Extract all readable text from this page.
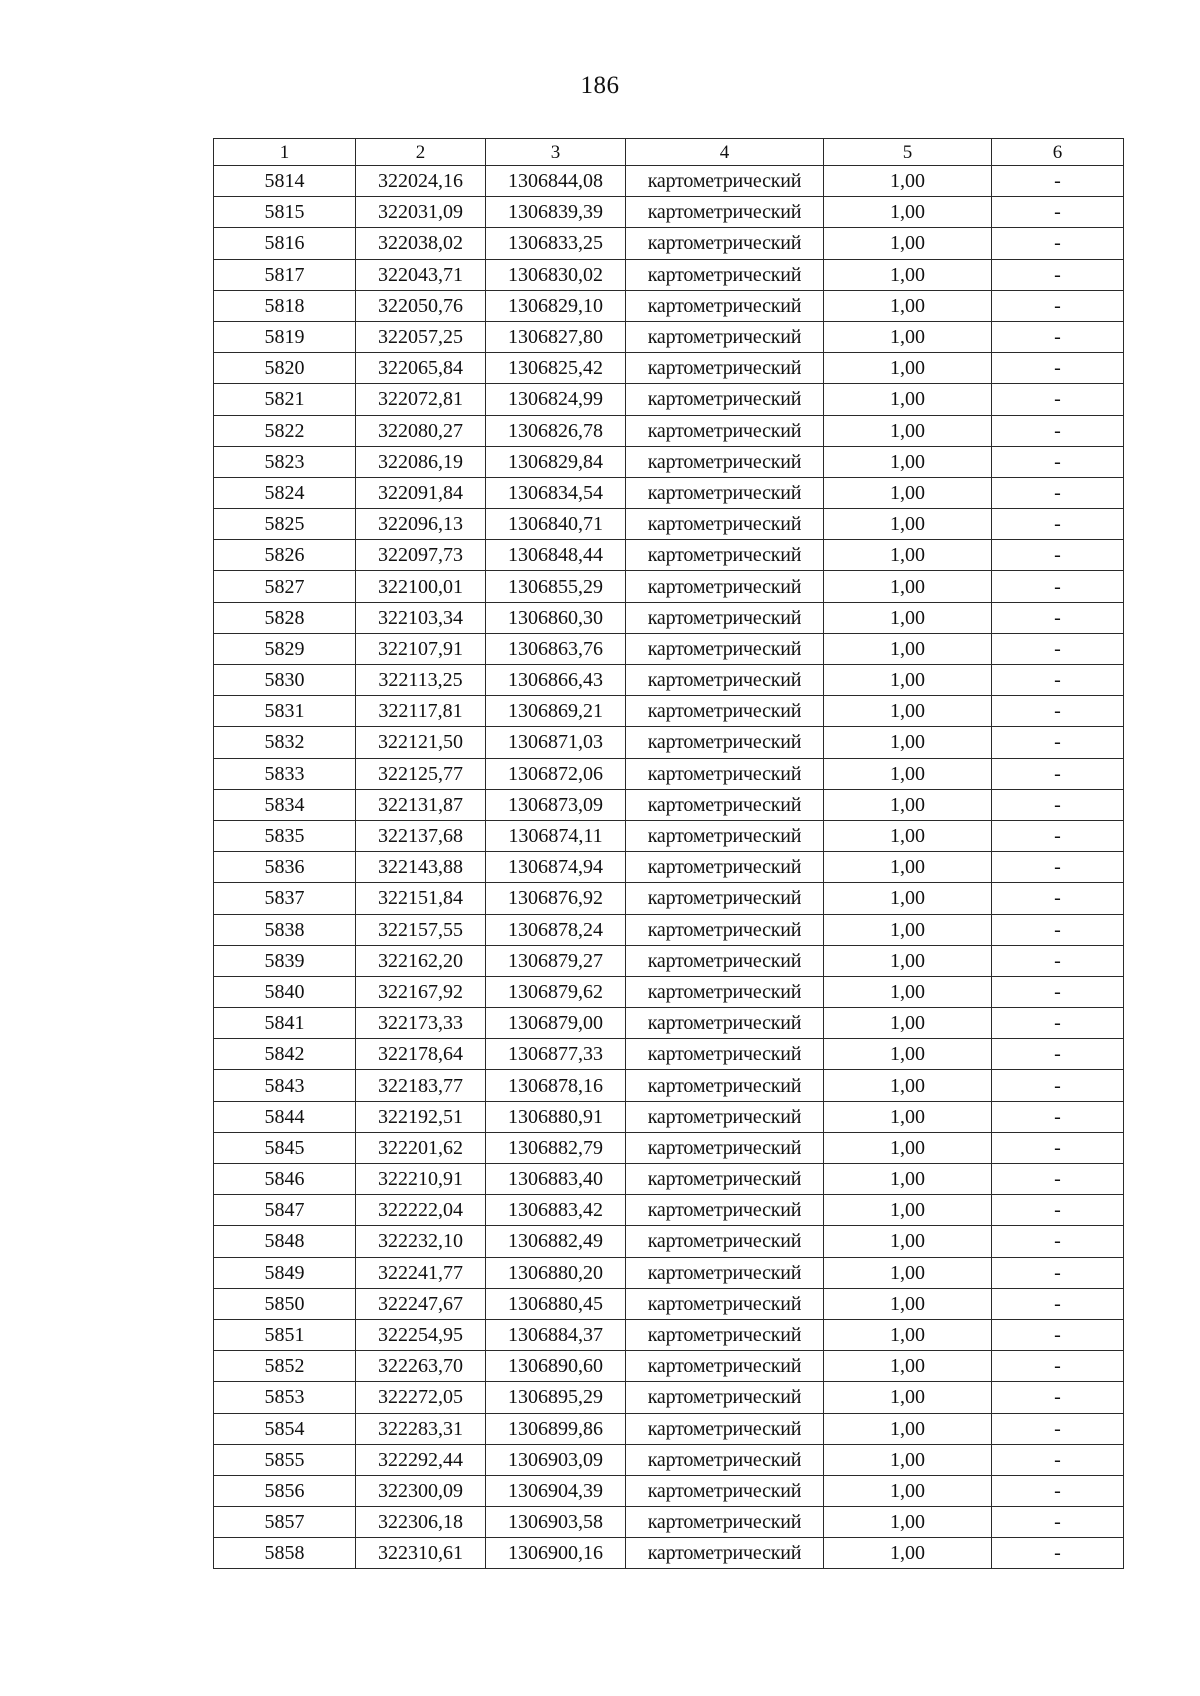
186
1	2	3	4	5	6
5814	322024,16	1306844,08	картометрический	1,00	-
5815	322031,09	1306839,39	картометрический	1,00	-
5816	322038,02	1306833,25	картометрический	1,00	-
5817	322043,71	1306830,02	картометрический	1,00	-
5818	322050,76	1306829,10	картометрический	1,00	-
5819	322057,25	1306827,80	картометрический	1,00	-
5820	322065,84	1306825,42	картометрический	1,00	-
5821	322072,81	1306824,99	картометрический	1,00	-
5822	322080,27	1306826,78	картометрический	1,00	-
5823	322086,19	1306829,84	картометрический	1,00	-
5824	322091,84	1306834,54	картометрический	1,00	-
5825	322096,13	1306840,71	картометрический	1,00	-
5826	322097,73	1306848,44	картометрический	1,00	-
5827	322100,01	1306855,29	картометрический	1,00	-
5828	322103,34	1306860,30	картометрический	1,00	-
5829	322107,91	1306863,76	картометрический	1,00	-
5830	322113,25	1306866,43	картометрический	1,00	-
5831	322117,81	1306869,21	картометрический	1,00	-
5832	322121,50	1306871,03	картометрический	1,00	-
5833	322125,77	1306872,06	картометрический	1,00	-
5834	322131,87	1306873,09	картометрический	1,00	-
5835	322137,68	1306874,11	картометрический	1,00	-
5836	322143,88	1306874,94	картометрический	1,00	-
5837	322151,84	1306876,92	картометрический	1,00	-
5838	322157,55	1306878,24	картометрический	1,00	-
5839	322162,20	1306879,27	картометрический	1,00	-
5840	322167,92	1306879,62	картометрический	1,00	-
5841	322173,33	1306879,00	картометрический	1,00	-
5842	322178,64	1306877,33	картометрический	1,00	-
5843	322183,77	1306878,16	картометрический	1,00	-
5844	322192,51	1306880,91	картометрический	1,00	-
5845	322201,62	1306882,79	картометрический	1,00	-
5846	322210,91	1306883,40	картометрический	1,00	-
5847	322222,04	1306883,42	картометрический	1,00	-
5848	322232,10	1306882,49	картометрический	1,00	-
5849	322241,77	1306880,20	картометрический	1,00	-
5850	322247,67	1306880,45	картометрический	1,00	-
5851	322254,95	1306884,37	картометрический	1,00	-
5852	322263,70	1306890,60	картометрический	1,00	-
5853	322272,05	1306895,29	картометрический	1,00	-
5854	322283,31	1306899,86	картометрический	1,00	-
5855	322292,44	1306903,09	картометрический	1,00	-
5856	322300,09	1306904,39	картометрический	1,00	-
5857	322306,18	1306903,58	картометрический	1,00	-
5858	322310,61	1306900,16	картометрический	1,00	-
